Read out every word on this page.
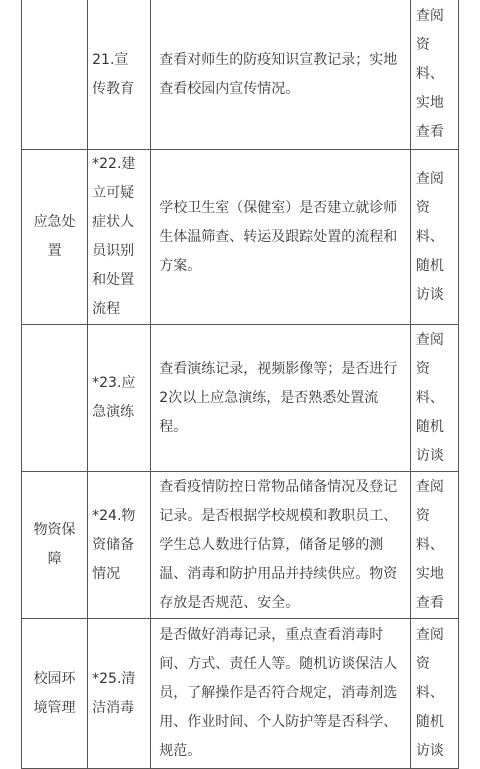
	21.宣传教育	查看对师生的防疫知识宣教记录；实地查看校园内宣传情况。	查阅资料、实地查看

应急处置	*22.建立可疑症状人员识别和处置流程	学校卫生室（保健室）是否建立就诊师生体温筛查、转运及跟踪处置的流程和方案。	查阅资料、随机访谈

	*23.应急演练	查看演练记录，视频影像等；是否进行2次以上应急演练，是否熟悉处置流程。	查阅资料、随机访谈

物资保障	*24.物资储备情况	查看疫情防控日常物品储备情况及登记记录。是否根据学校规模和教职员工、学生总人数进行估算，储备足够的测温、消毒和防护用品并持续供应。物资存放是否规范、安全。	查阅资料、实地查看

校园环境管理	*25.清洁消毒	是否做好消毒记录，重点查看消毒时间、方式、责任人等。随机访谈保洁人员，了解操作是否符合规定，消毒剂选用、作业时间、个人防护等是否科学、规范。	查阅资料、随机访谈
